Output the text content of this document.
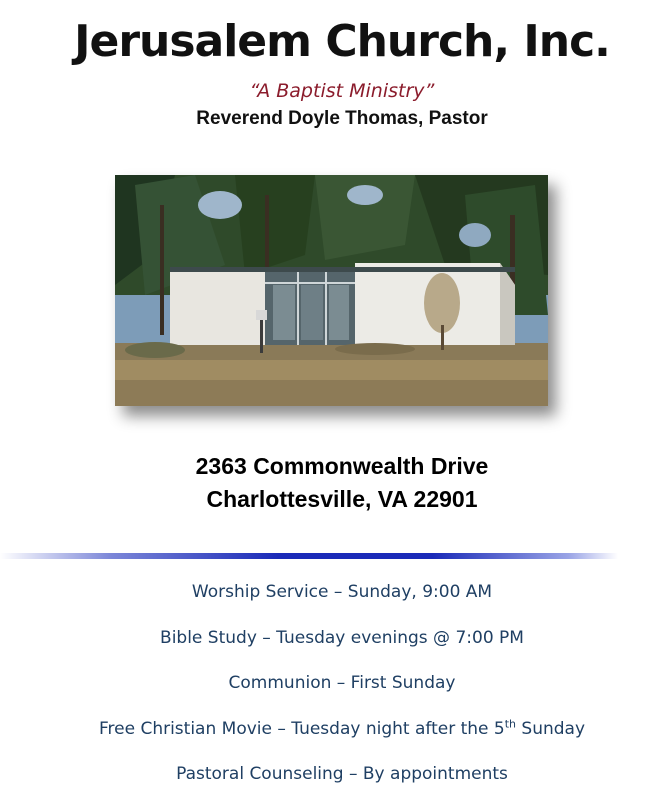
Jerusalem Church, Inc.
“A Baptist Ministry”
Reverend Doyle Thomas, Pastor
2363 Commonwealth Drive
Charlottesville, VA 22901
Worship Service – Sunday, 9:00 AM
Bible Study – Tuesday evenings @ 7:00 PM
Communion – First Sunday
Free Christian Movie – Tuesday night after the 5th Sunday
Pastoral Counseling – By appointments
